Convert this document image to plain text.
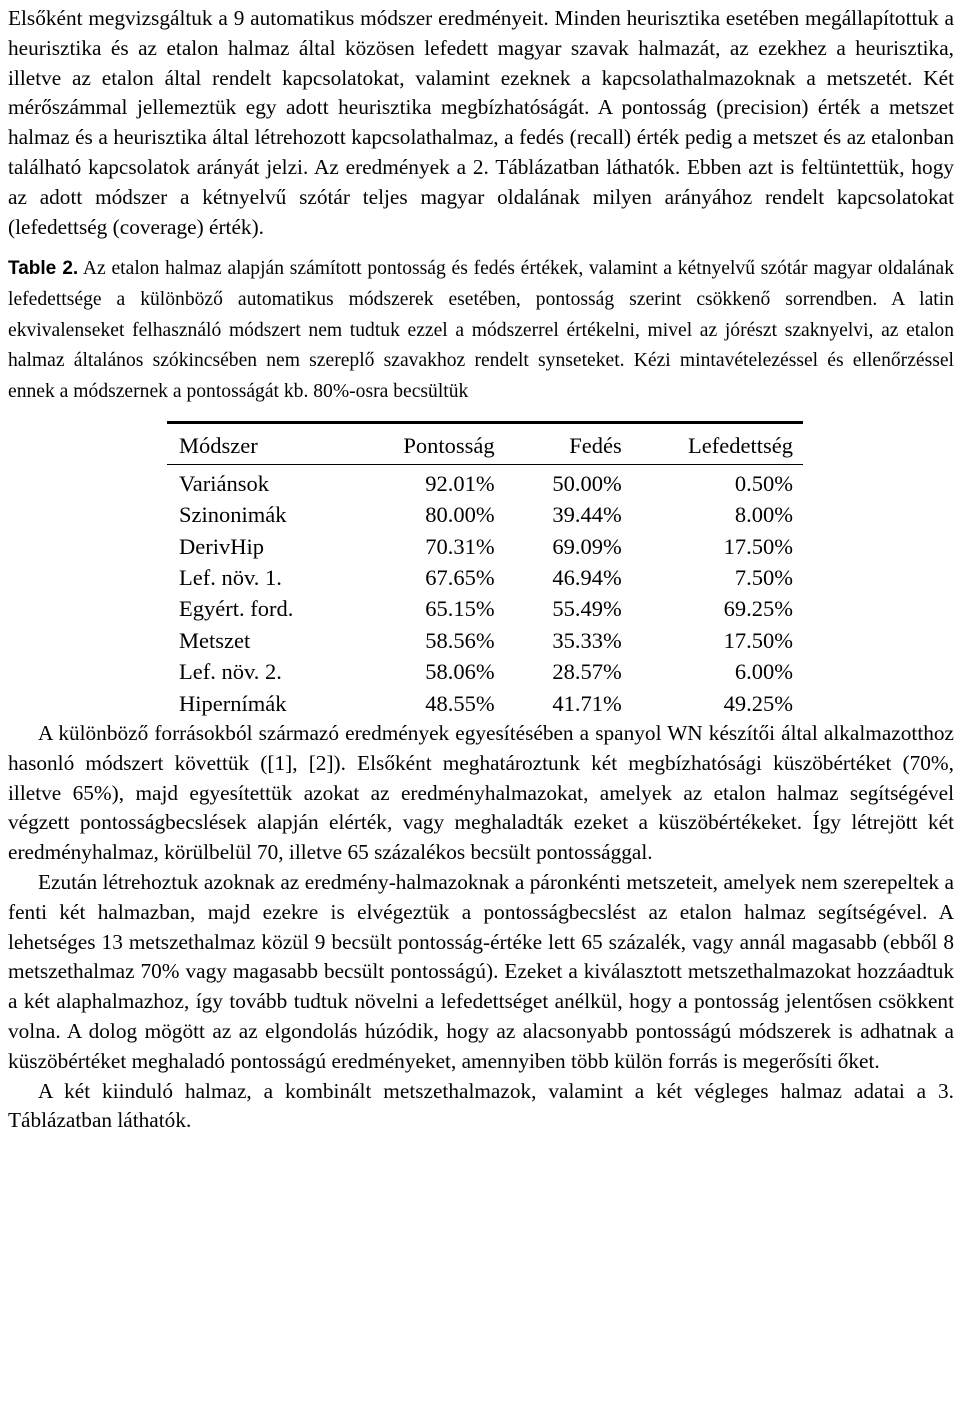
Elsőként megvizsgáltuk a 9 automatikus módszer eredményeit. Minden heurisztika esetében megállapítottuk a heurisztika és az etalon halmaz által közösen lefedett magyar szavak halmazát, az ezekhez a heurisztika, illetve az etalon által rendelt kapcsolatokat, valamint ezeknek a kapcsolathalmazoknak a metszetét. Két mérőszámmal jellemeztük egy adott heurisztika megbízhatóságát. A pontosság (precision) érték a metszet halmaz és a heurisztika által létrehozott kapcsolathalmaz, a fedés (recall) érték pedig a metszet és az etalonban található kapcsolatok arányát jelzi. Az eredmények a 2. Táblázatban láthatók. Ebben azt is feltüntettük, hogy az adott módszer a kétnyelvű szótár teljes magyar oldalának milyen arányához rendelt kapcsolatokat (lefedettség (coverage) érték).

Table 2. Az etalon halmaz alapján számított pontosság és fedés értékek, valamint a kétnyelvű szótár magyar oldalának lefedettsége a különböző automatikus módszerek esetében, pontosság szerint csökkenő sorrendben. A latin ekvivalenseket felhasználó módszert nem tudtuk ezzel a módszerrel értékelni, mivel az jórészt szaknyelvi, az etalon halmaz általános szókincsében nem szereplő szavakhoz rendelt synseteket. Kézi mintavételezéssel és ellenőrzéssel ennek a módszernek a pontosságát kb. 80%-osra becsültük

Módszer	Pontosság	Fedés	Lefedettség
Variánsok	92.01%	50.00%	0.50%
Szinonimák	80.00%	39.44%	8.00%
DerivHip	70.31%	69.09%	17.50%
Lef. növ. 1.	67.65%	46.94%	7.50%
Egyért. ford.	65.15%	55.49%	69.25%
Metszet	58.56%	35.33%	17.50%
Lef. növ. 2.	58.06%	28.57%	6.00%
Hipernímák	48.55%	41.71%	49.25%

A különböző forrásokból származó eredmények egyesítésében a spanyol WN készítői által alkalmazotthoz hasonló módszert követtük ([1], [2]). Elsőként meghatároztunk két megbízhatósági küszöbértéket (70%, illetve 65%), majd egyesítettük azokat az eredményhalmazokat, amelyek az etalon halmaz segítségével végzett pontosságbecslések alapján elérték, vagy meghaladták ezeket a küszöbértékeket. Így létrejött két eredményhalmaz, körülbelül 70, illetve 65 százalékos becsült pontossággal.

Ezután létrehoztuk azoknak az eredmény-halmazoknak a páronkénti metszeteit, amelyek nem szerepeltek a fenti két halmazban, majd ezekre is elvégeztük a pontosságbecslést az etalon halmaz segítségével. A lehetséges 13 metszethalmaz közül 9 becsült pontosság-értéke lett 65 százalék, vagy annál magasabb (ebből 8 metszethalmaz 70% vagy magasabb becsült pontosságú). Ezeket a kiválasztott metszethalmazokat hozzáadtuk a két alaphalmazhoz, így tovább tudtuk növelni a lefedettséget anélkül, hogy a pontosság jelentősen csökkent volna. A dolog mögött az az elgondolás húzódik, hogy az alacsonyabb pontosságú módszerek is adhatnak a küszöbértéket meghaladó pontosságú eredményeket, amennyiben több külön forrás is megerősíti őket.

A két kiinduló halmaz, a kombinált metszethalmazok, valamint a két végleges halmaz adatai a 3. Táblázatban láthatók.
